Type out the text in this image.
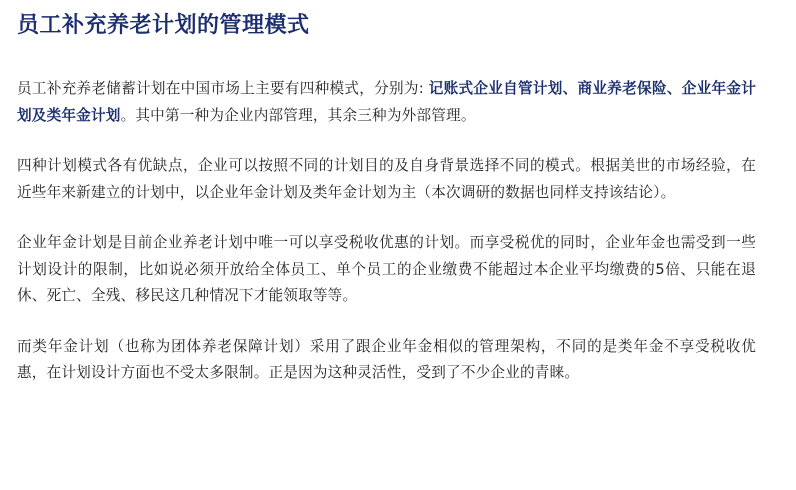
员工补充养老计划的管理模式

员工补充养老储蓄计划在中国市场上主要有四种模式，分别为: 记账式企业自管计划、商业养老保险、企业年金计划及类年金计划。其中第一种为企业内部管理，其余三种为外部管理。

四种计划模式各有优缺点，企业可以按照不同的计划目的及自身背景选择不同的模式。根据美世的市场经验，在近些年来新建立的计划中，以企业年金计划及类年金计划为主（本次调研的数据也同样支持该结论）。

企业年金计划是目前企业养老计划中唯一可以享受税收优惠的计划。而享受税优的同时，企业年金也需受到一些计划设计的限制，比如说必须开放给全体员工、单个员工的企业缴费不能超过本企业平均缴费的5倍、只能在退休、死亡、全残、移民这几种情况下才能领取等等。

而类年金计划（也称为团体养老保障计划）采用了跟企业年金相似的管理架构，不同的是类年金不享受税收优惠，在计划设计方面也不受太多限制。正是因为这种灵活性，受到了不少企业的青睐。
